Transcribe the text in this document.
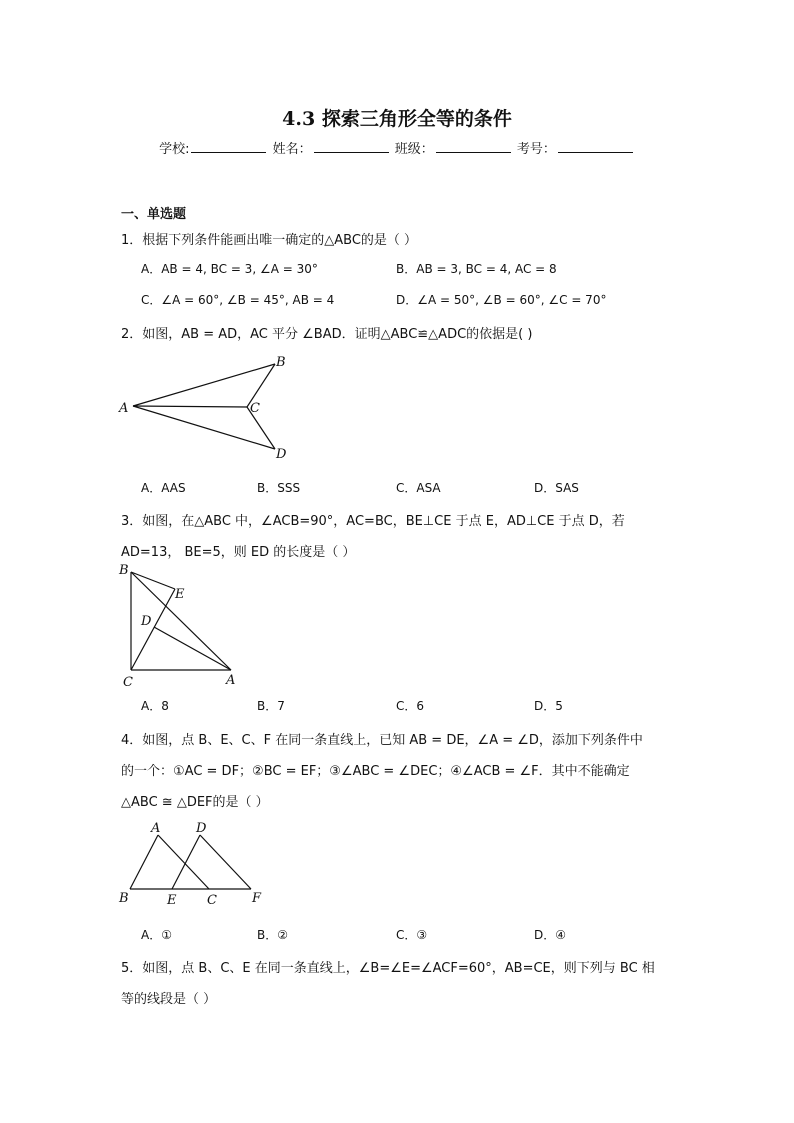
4.3 探索三角形全等的条件
学校:	姓名：	班级：	考号：
一、单选题
1．根据下列条件能画出唯一确定的△ABC的是（ ）
A．AB = 4, BC = 3, ∠A = 30°	B．AB = 3, BC = 4, AC = 8
C．∠A = 60°, ∠B = 45°, AB = 4	D．∠A = 50°, ∠B = 60°, ∠C = 70°
2．如图，AB = AD，AC 平分 ∠BAD．证明△ABC≌△ADC的依据是( )
A
B
C
D
A．AAS	B．SSS	C．ASA	D．SAS
3．如图，在△ABC 中，∠ACB=90°，AC=BC，BE⊥CE 于点 E，AD⊥CE 于点 D，若
AD=13， BE=5，则 ED 的长度是（ ）
B
E
D
C	A
A．8	B．7	C．6	D．5
4．如图，点 B、E、C、F 在同一条直线上，已知 AB = DE，∠A = ∠D，添加下列条件中
的一个：①AC = DF；②BC = EF；③∠ABC = ∠DEC；④∠ACB = ∠F．其中不能确定
△ABC ≅ △DEF的是（ ）
A	D
B	E C	F
A．①	B．②	C．③	D．④
5．如图，点 B、C、E 在同一条直线上，∠B=∠E=∠ACF=60°，AB=CE，则下列与 BC 相
等的线段是（ ）
